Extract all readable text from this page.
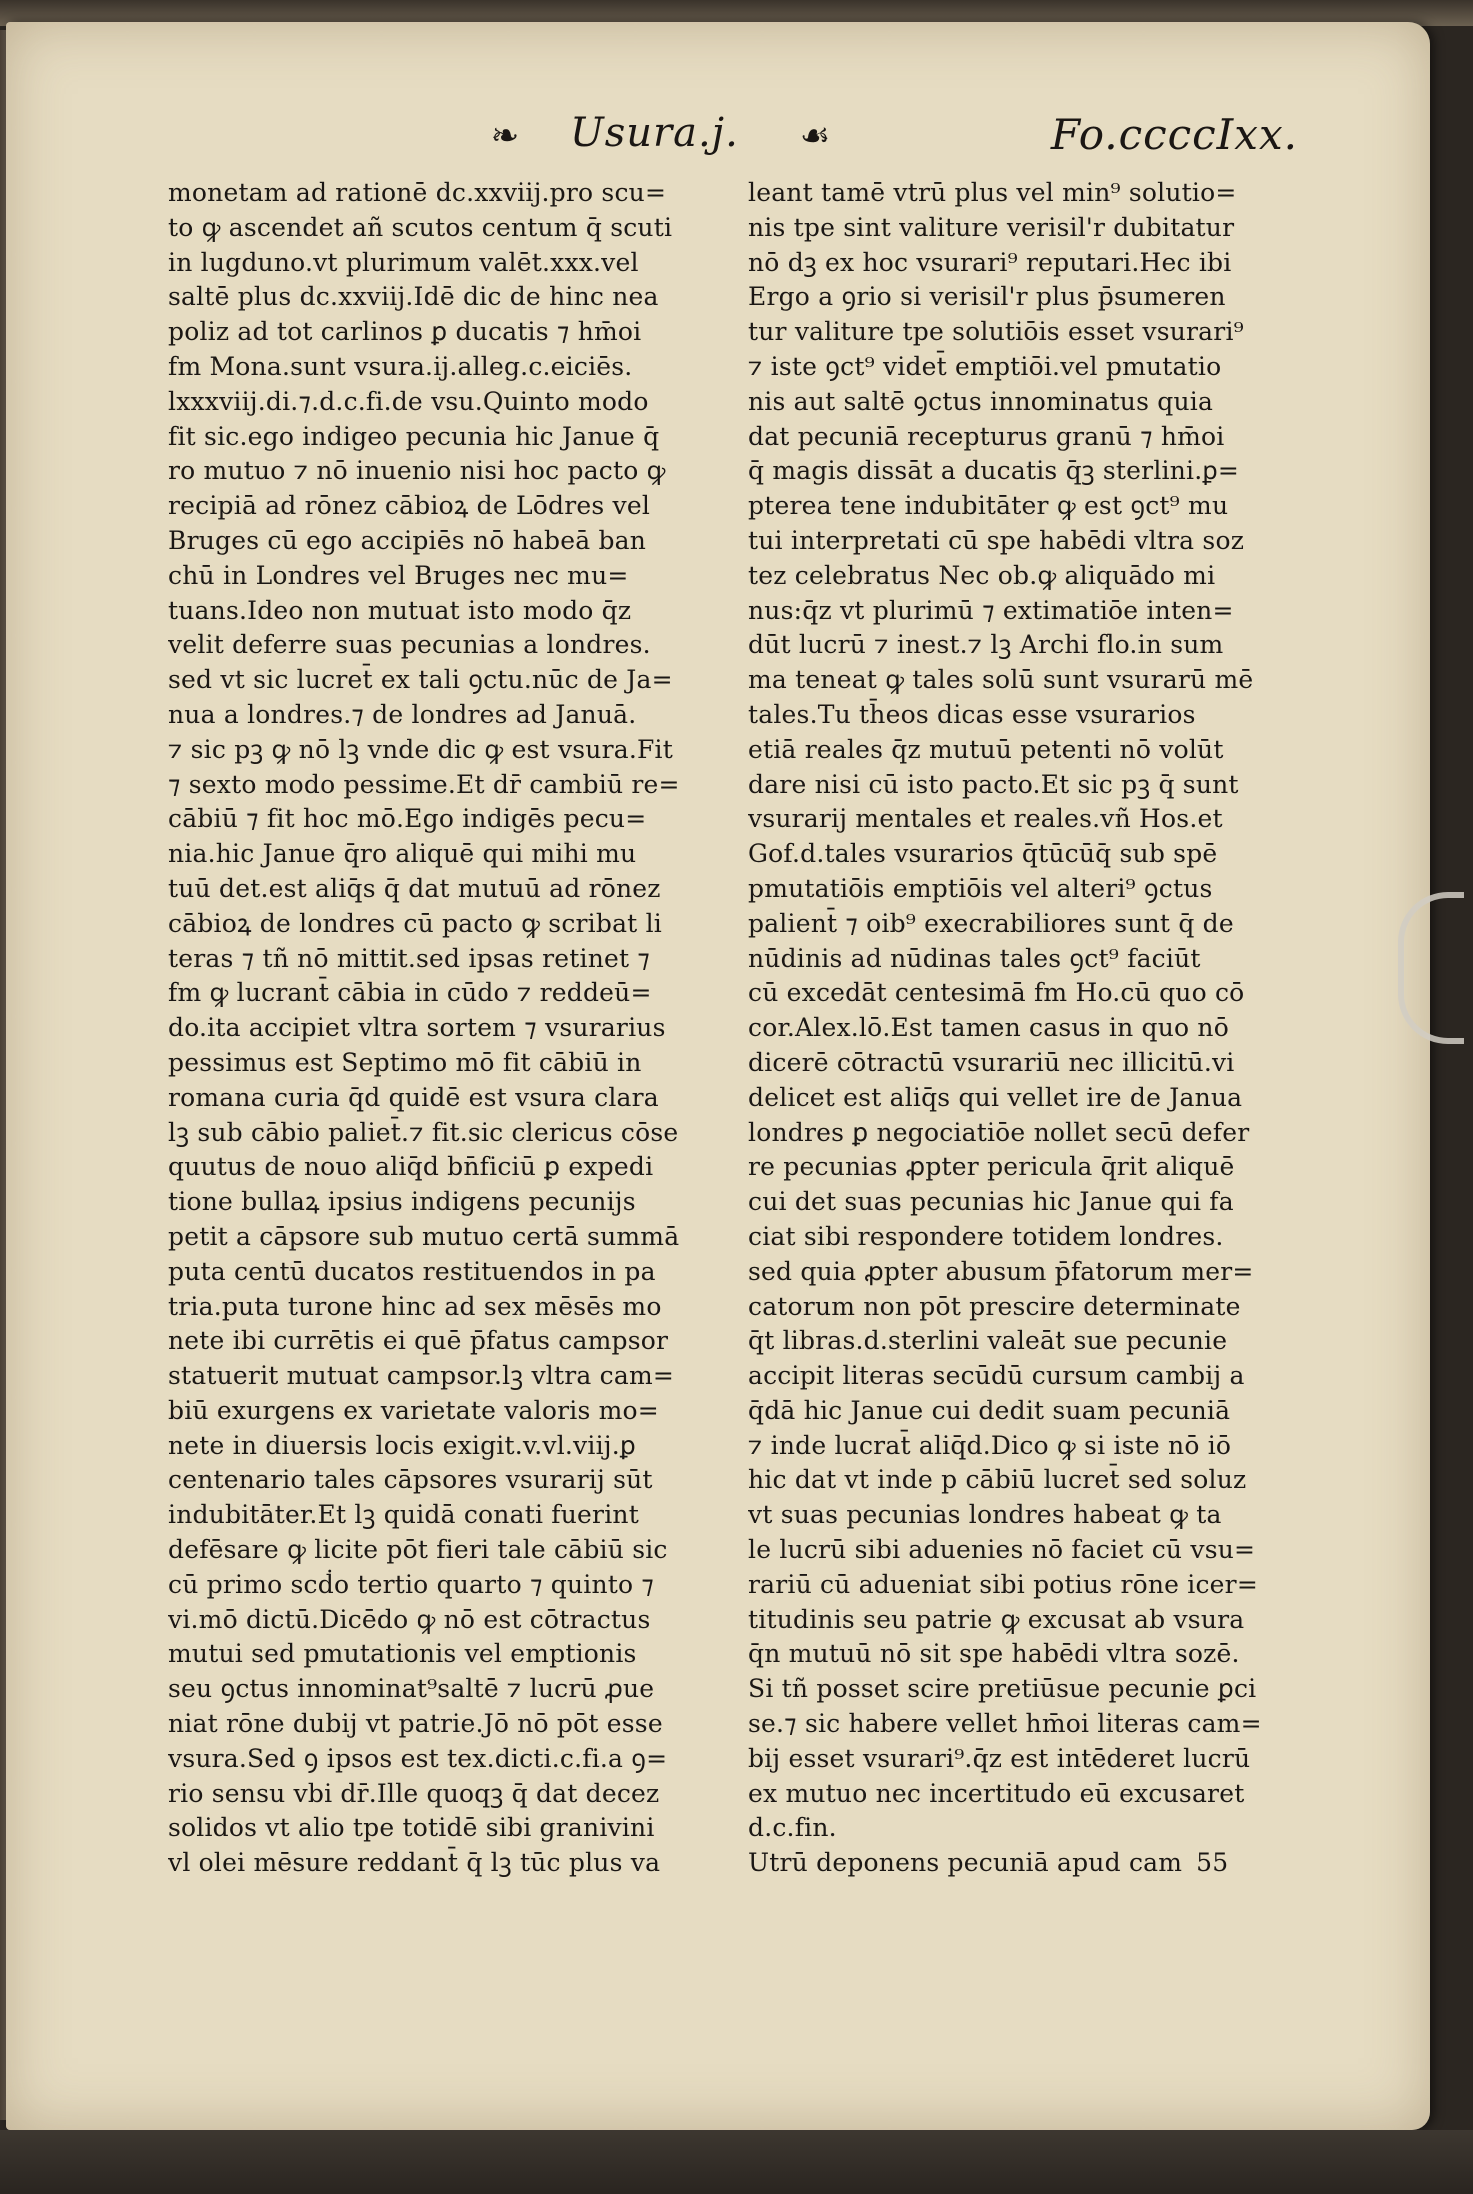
❧	Usura.j.	☙	Fo.ccccIxx.
monetam ad rationē dc.xxviij.pro scu=
to ꝙ ascendet añ scutos centum q̄ scuti
in lugduno.vt plurimum valēt.xxx.vel
saltē plus dc.xxviij.Idē dic de hinc nea
poliz ad tot carlinos ꝑ ducatis ⁊ hm̄oi
fm Mona.sunt vsura.ij.alleg.c.eiciēs.
lxxxviij.di.⁊.d.c.fi.de vsu.Quinto modo
fit sic.ego indigeo pecunia hic Janue q̄
ro mutuo ⁊ nō inuenio nisi hoc pacto ꝙ
recipiā ad rōnez cābioꝝ de Lōdres vel
Bruges cū ego accipiēs nō habeā ban
chū in Londres vel Bruges nec mu=
tuans.Ideo non mutuat isto modo q̄z
velit deferre suas pecunias a londres.
sed vt sic lucret̄ ex tali ꝯctu.nūc de Ja=
nua a londres.⁊ de londres ad Januā.
⁊ sic pꝫ ꝙ nō lꝫ vnde dic ꝙ est vsura.Fit
⁊ sexto modo pessime.Et dr̄ cambiū re=
cābiū ⁊ fit hoc mō.Ego indigēs pecu=
nia.hic Janue q̄ro aliquē qui mihi mu
tuū det.est aliq̄s q̄ dat mutuū ad rōnez
cābioꝝ de londres cū pacto ꝙ scribat li
teras ⁊ tñ nō mittit.sed ipsas retinet ⁊
fm ꝙ lucrant̄ cābia in cūdo ⁊ reddeū=
do.ita accipiet vltra sortem ⁊ vsurarius
pessimus est Septimo mō fit cābiū in
romana curia q̄d quidē est vsura clara
lꝫ sub cābio paliet̄.⁊ fit.sic clericus cōse
quutus de nouo aliq̄d bn̄ficiū ꝑ expedi
tione bullaꝝ ipsius indigens pecunijs
petit a cāpsore sub mutuo certā summā
puta centū ducatos restituendos in pa
tria.puta turone hinc ad sex mēsēs mo
nete ibi currētis ei quē p̄fatus campsor
statuerit mutuat campsor.lꝫ vltra cam=
biū exurgens ex varietate valoris mo=
nete in diuersis locis exigit.v.vl.viij.ꝑ
centenario tales cāpsores vsurarij sūt
indubitāter.Et lꝫ quidā conati fuerint
defēsare ꝙ licite pōt fieri tale cābiū sic
cū primo scḋo tertio quarto ⁊ quinto ⁊
vi.mō dictū.Dicēdo ꝙ nō est cōtractus
mutui sed pmutationis vel emptionis
seu ꝯctus innominat⁹saltē ⁊ lucrū ꝓue
niat rōne dubij vt patrie.Jō nō pōt esse
vsura.Sed ꝯ ipsos est tex.dicti.c.fi.a ꝯ=
rio sensu vbi dr̄.Ille quoqꝫ q̄ dat decez
solidos vt alio tpe totidē sibi granivini
vl olei mēsure reddant̄ q̄ lꝫ tūc plus va
leant tamē vtrū plus vel min⁹ solutio=
nis tpe sint valiture verisil'r dubitatur
nō dꝫ ex hoc vsurari⁹ reputari.Hec ibi
Ergo a ꝯrio si verisil'r plus p̄sumeren
tur valiture tpe solutiōis esset vsurari⁹
⁊ iste ꝯct⁹ videt̄ emptiōi.vel pmutatio
nis aut saltē ꝯctus innominatus quia
dat pecuniā recepturus granū ⁊ hm̄oi
q̄ magis dissāt a ducatis q̄ꝫ sterlini.ꝑ=
pterea tene indubitāter ꝙ est ꝯct⁹ mu
tui interpretati cū spe habēdi vltra soz
tez celebratus Nec ob.ꝙ aliquādo mi
nus:q̄z vt plurimū ⁊ extimatiōe inten=
dūt lucrū ⁊ inest.⁊ lꝫ Archi flo.in sum
ma teneat ꝙ tales solū sunt vsurarū mē
tales.Tu th̄eos dicas esse vsurarios
etiā reales q̄z mutuū petenti nō volūt
dare nisi cū isto pacto.Et sic pꝫ q̄ sunt
vsurarij mentales et reales.vñ Hos.et
Gof.d.tales vsurarios q̄tūcūq̄ sub spē
pmutatiōis emptiōis vel alteri⁹ ꝯctus
palient̄ ⁊ oib⁹ execrabiliores sunt q̄ de
nūdinis ad nūdinas tales ꝯct⁹ faciūt
cū excedāt centesimā fm Ho.cū quo cō
cor.Alex.lō.Est tamen casus in quo nō
dicerē cōtractū vsurariū nec illicitū.vi
delicet est aliq̄s qui vellet ire de Janua
londres ꝑ negociatiōe nollet secū defer
re pecunias ꝓpter pericula q̄rit aliquē
cui det suas pecunias hic Janue qui fa
ciat sibi respondere totidem londres.
sed quia ꝓpter abusum p̄fatorum mer=
catorum non pōt prescire determinate
q̄t libras.d.sterlini valeāt sue pecunie
accipit literas secūdū cursum cambij a
q̄dā hic Janue cui dedit suam pecuniā
⁊ inde lucrat̄ aliq̄d.Dico ꝙ si iste nō iō
hic dat vt inde p cābiū lucret̄ sed soluz
vt suas pecunias londres habeat ꝙ ta
le lucrū sibi aduenies nō faciet cū vsu=
rariū cū adueniat sibi potius rōne icer=
titudinis seu patrie ꝙ excusat ab vsura
q̄n mutuū nō sit spe habēdi vltra sozē.
Si tñ posset scire pretiūsue pecunie ꝑci
se.⁊ sic habere vellet hm̄oi literas cam=
bij esset vsurari⁹.q̄z est intēderet lucrū
ex mutuo nec incertitudo eū excusaret
d.c.fin.
Utrū deponens pecuniā apud cam 55
